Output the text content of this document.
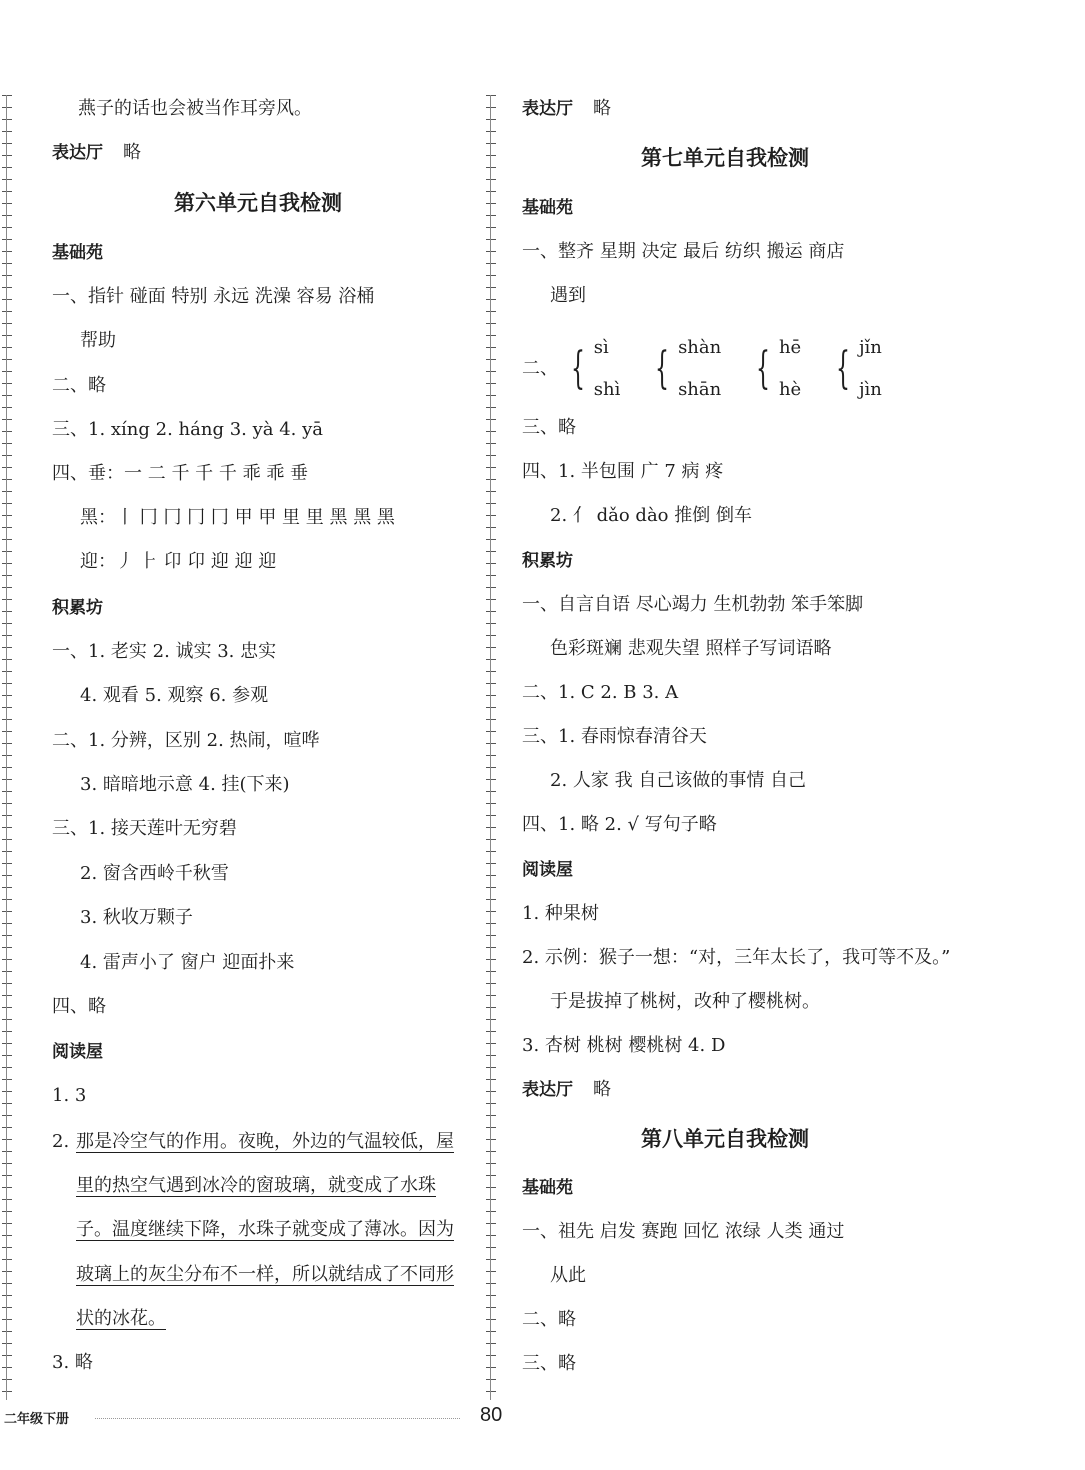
燕子的话也会被当作耳旁风。
表达厅 略
第六单元自我检测
基础苑
一、指针 碰面 特别 永远 洗澡 容易 浴桶
帮助
二、略
三、1. xíng 2. háng 3. yà 4. yā
四、垂：一 二 千 千 千 乖 乖 垂
黑：丨 冂 冂 冂 冂 甲 甲 里 里 黑 黑 黑
迎：丿 ⺊ 卬 卬 迎 迎 迎
积累坊
一、1. 老实 2. 诚实 3. 忠实
4. 观看 5. 观察 6. 参观
二、1. 分辨，区别 2. 热闹，喧哗
3. 暗暗地示意 4. 挂(下来)
三、1. 接天莲叶无穷碧
2. 窗含西岭千秋雪
3. 秋收万颗子
4. 雷声小了 窗户 迎面扑来
四、略
阅读屋
1. 3
2. 那是冷空气的作用。夜晚，外边的气温较低，屋
里的热空气遇到冰冷的窗玻璃，就变成了水珠
子。温度继续下降，水珠子就变成了薄冰。因为
玻璃上的灰尘分布不一样，所以就结成了不同形
状的冰花。
3. 略
表达厅 略
第七单元自我检测
基础苑
一、整齐 星期 决定 最后 纺织 搬运 商店
遇到
二、 { sì
shì { shàn
shān { hē
hè { jǐn
jìn
三、略
四、1. 半包围 广 7 病 疼
2. 亻 dǎo dào 推倒 倒车
积累坊
一、自言自语 尽心竭力 生机勃勃 笨手笨脚
色彩斑斓 悲观失望 照样子写词语略
二、1. C 2. B 3. A
三、1. 春雨惊春清谷天
2. 人家 我 自己该做的事情 自己
四、1. 略 2. √ 写句子略
阅读屋
1. 种果树
2. 示例：猴子一想：“对，三年太长了，我可等不及。”
于是拔掉了桃树，改种了樱桃树。
3. 杏树 桃树 樱桃树 4. D
表达厅 略
第八单元自我检测
基础苑
一、祖先 启发 赛跑 回忆 浓绿 人类 通过
从此
二、略
三、略
二年级下册	80
